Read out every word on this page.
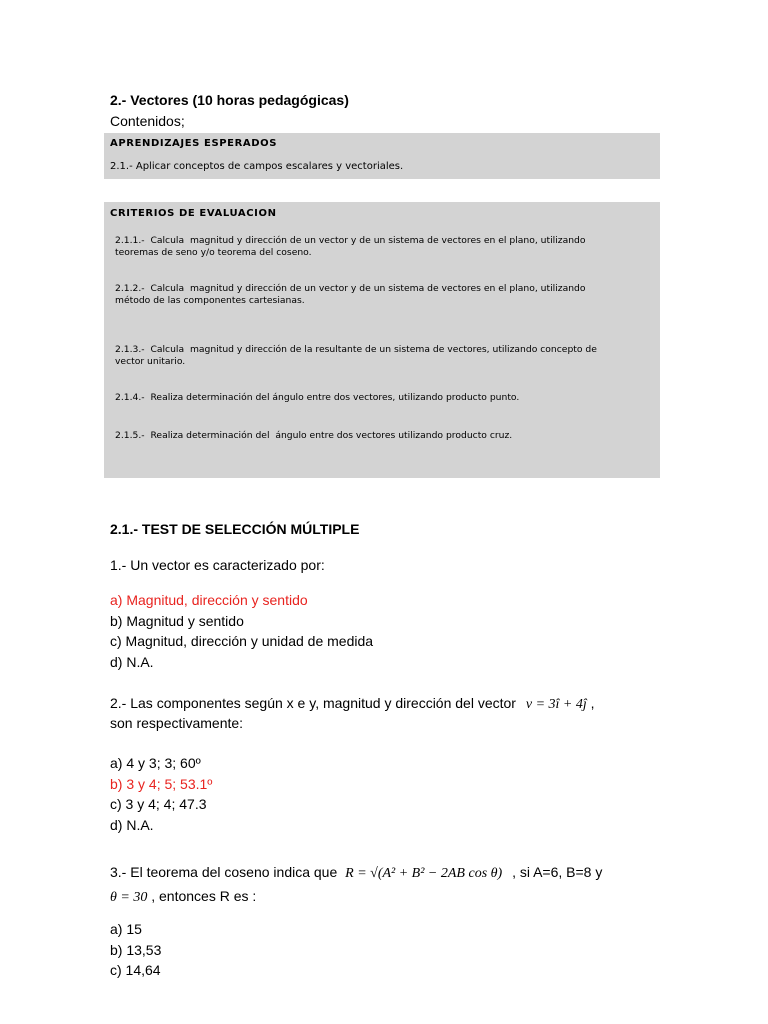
2.- Vectores (10 horas pedagógicas)
Contenidos;
APRENDIZAJES ESPERADOS
2.1.- Aplicar conceptos de campos escalares y vectoriales.
CRITERIOS DE EVALUACION
2.1.1.-  Calcula  magnitud y dirección de un vector y de un sistema de vectores en el plano, utilizando
teoremas de seno y/o teorema del coseno.
2.1.2.-  Calcula  magnitud y dirección de un vector y de un sistema de vectores en el plano, utilizando
método de las componentes cartesianas.
2.1.3.-  Calcula  magnitud y dirección de la resultante de un sistema de vectores, utilizando concepto de
vector unitario.
2.1.4.-  Realiza determinación del ángulo entre dos vectores, utilizando producto punto.
2.1.5.-  Realiza determinación del  ángulo entre dos vectores utilizando producto cruz.
2.1.- TEST DE SELECCIÓN MÚLTIPLE
1.- Un vector es caracterizado por:
a) Magnitud, dirección y sentido
b) Magnitud y sentido
c) Magnitud, dirección y unidad de medida
d) N.A.
2.- Las componentes según x e y, magnitud y dirección del vector ν = 3î + 4ĵ ,
son respectivamente:
a) 4 y 3; 3; 60º
b) 3 y 4; 5; 53.1º
c) 3 y 4; 4; 47.3
d) N.A.
3.- El teorema del coseno indica que R = √(A² + B² − 2AB cos θ) , si A=6, B=8 y
θ = 30 , entonces R es :
a) 15
b) 13,53
c) 14,64
